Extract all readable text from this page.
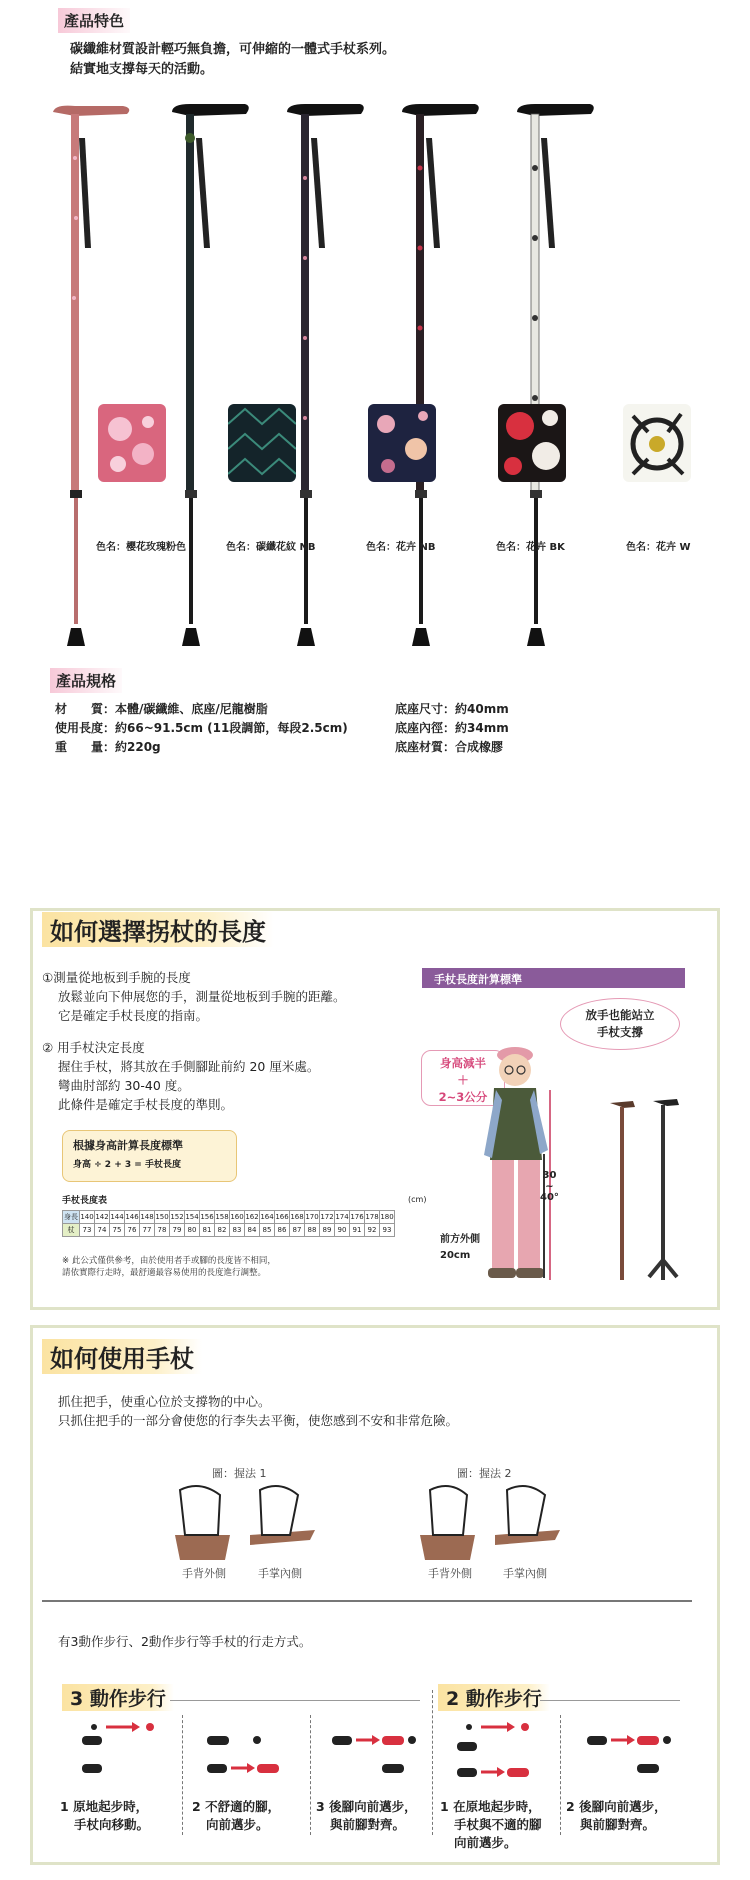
產品特色
碳纖維材質設計輕巧無負擔，可伸縮的一體式手杖系列。
結實地支撐每天的活動。
色名：櫻花玫瑰粉色	色名：碳纖花紋 NB	色名：花卉 NB	色名：花卉 BK	色名：花卉 W
產品規格
材　　質：本體/碳纖維、底座/尼龍樹脂
使用長度：約66~91.5cm (11段調節，每段2.5cm)
重　　量：約220g
底座尺寸：約40mm
底座內徑：約34mm
底座材質：合成橡膠
如何選擇拐杖的長度
①測量從地板到手腕的長度
放鬆並向下伸展您的手，測量從地板到手腕的距離。
它是確定手杖長度的指南。
② 用手杖決定長度
握住手杖，將其放在手側腳趾前約 20 厘米處。
彎曲肘部約 30-40 度。
此條件是確定手杖長度的準則。
根據身高計算長度標準
身高 ÷ 2 + 3 = 手杖長度
手杖長度表	(cm)
身長	140	142	144	146	148	150	152	154	156	158	160	162	164	166	168	170	172	174	176	178	180
杖	73	74	75	76	77	78	79	80	81	82	83	84	85	86	87	88	89	90	91	92	93
※ 此公式僅供參考，由於使用者手或腳的長度皆不相同，
請依實際行走時，最舒適最容易使用的長度進行調整。
手杖長度計算標準
放手也能站立
手杖支撐
身高減半
＋
2~3公分
30
~
40°
前方外側
20cm
如何使用手杖
抓住把手，使重心位於支撐物的中心。
只抓住把手的一部分會使您的行李失去平衡，使您感到不安和非常危險。
圖：握法 1	圖：握法 2
手背外側	手掌內側	手背外側	手掌內側
有3動作步行、2動作步行等手杖的行走方式。
3 動作步行	2 動作步行
1 原地起步時，
手杖向移動。
2 不舒適的腳，
向前邁步。
3 後腳向前邁步，
與前腳對齊。
1 在原地起步時，
手杖與不適的腳
向前邁步。
2 後腳向前邁步，
與前腳對齊。
